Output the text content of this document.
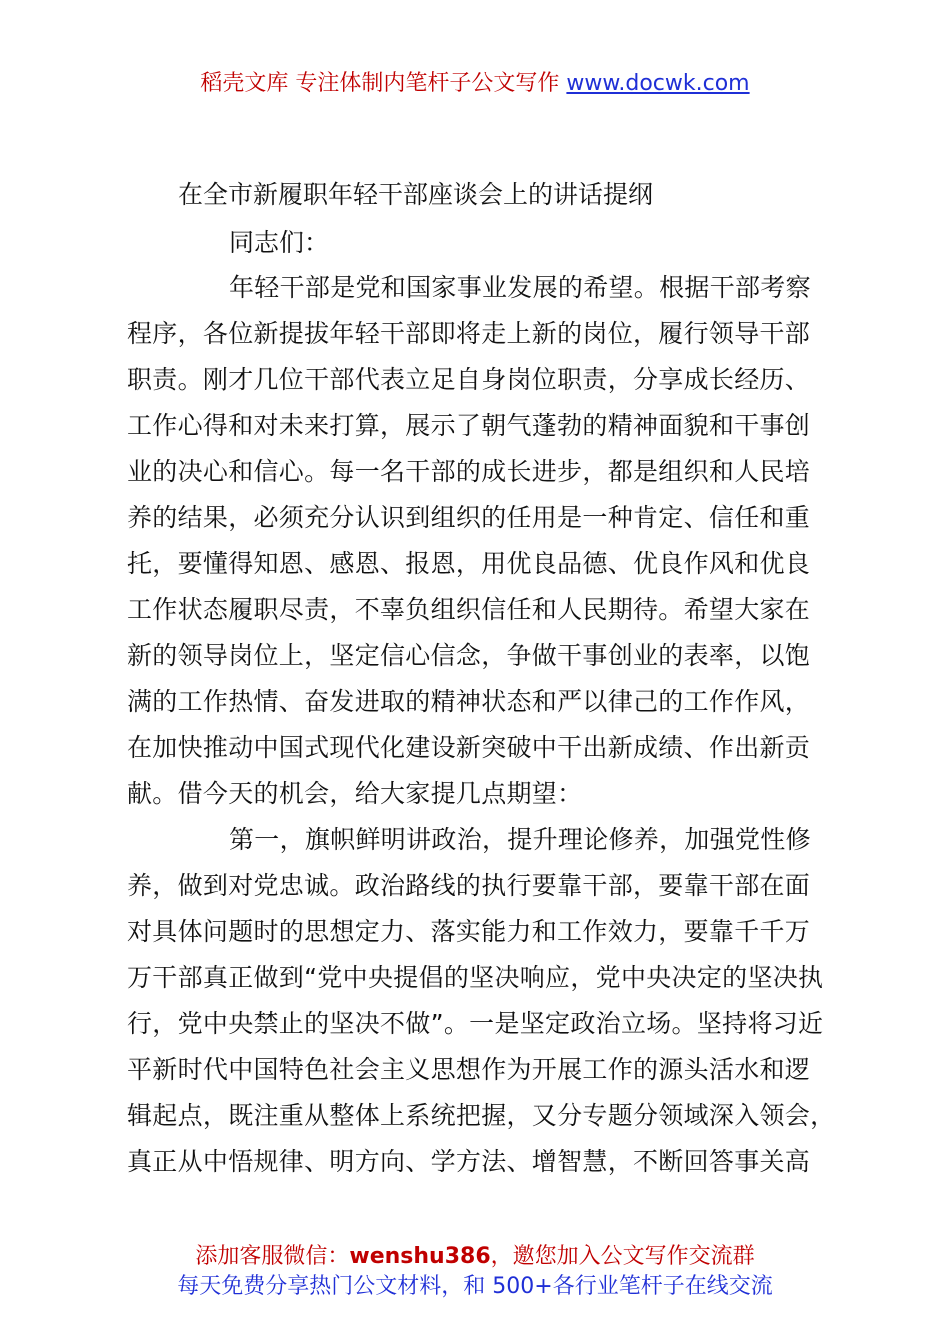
稻壳文库 专注体制内笔杆子公文写作 www.docwk.com
在全市新履职年轻干部座谈会上的讲话提纲
同志们：
年轻干部是党和国家事业发展的希望。根据干部考察
程序，各位新提拔年轻干部即将走上新的岗位，履行领导干部
职责。刚才几位干部代表立足自身岗位职责，分享成长经历、
工作心得和对未来打算，展示了朝气蓬勃的精神面貌和干事创
业的决心和信心。每一名干部的成长进步，都是组织和人民培
养的结果，必须充分认识到组织的任用是一种肯定、信任和重
托，要懂得知恩、感恩、报恩，用优良品德、优良作风和优良
工作状态履职尽责，不辜负组织信任和人民期待。希望大家在
新的领导岗位上，坚定信心信念，争做干事创业的表率，以饱
满的工作热情、奋发进取的精神状态和严以律己的工作作风，
在加快推动中国式现代化建设新突破中干出新成绩、作出新贡
献。借今天的机会，给大家提几点期望：
第一，旗帜鲜明讲政治，提升理论修养，加强党性修
养，做到对党忠诚。政治路线的执行要靠干部，要靠干部在面
对具体问题时的思想定力、落实能力和工作效力，要靠千千万
万干部真正做到“党中央提倡的坚决响应，党中央决定的坚决执
行，党中央禁止的坚决不做”。一是坚定政治立场。坚持将习近
平新时代中国特色社会主义思想作为开展工作的源头活水和逻
辑起点，既注重从整体上系统把握，又分专题分领域深入领会，
真正从中悟规律、明方向、学方法、增智慧，不断回答事关高
添加客服微信：wenshu386，邀您加入公文写作交流群
每天免费分享热门公文材料，和 500+各行业笔杆子在线交流
